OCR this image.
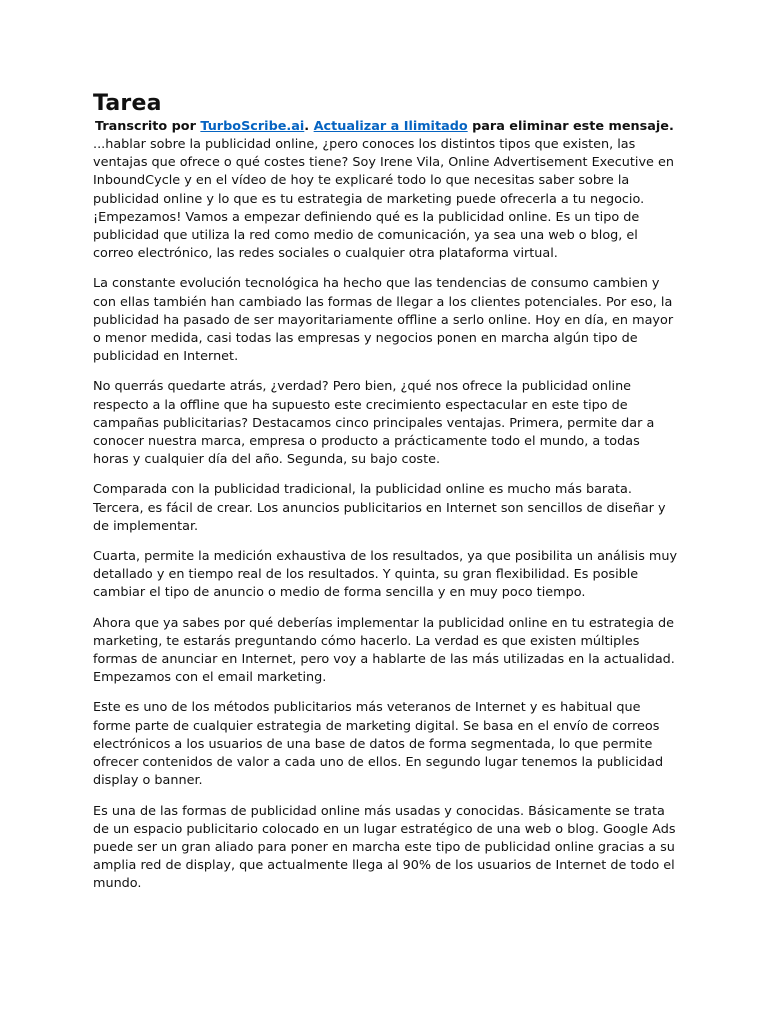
Tarea

Transcrito por TurboScribe.ai. Actualizar a Ilimitado para eliminar este mensaje.

...hablar sobre la publicidad online, ¿pero conoces los distintos tipos que existen, las ventajas que ofrece o qué costes tiene? Soy Irene Vila, Online Advertisement Executive en InboundCycle y en el vídeo de hoy te explicaré todo lo que necesitas saber sobre la publicidad online y lo que es tu estrategia de marketing puede ofrecerla a tu negocio. ¡Empezamos! Vamos a empezar definiendo qué es la publicidad online. Es un tipo de publicidad que utiliza la red como medio de comunicación, ya sea una web o blog, el correo electrónico, las redes sociales o cualquier otra plataforma virtual.

La constante evolución tecnológica ha hecho que las tendencias de consumo cambien y con ellas también han cambiado las formas de llegar a los clientes potenciales. Por eso, la publicidad ha pasado de ser mayoritariamente offline a serlo online. Hoy en día, en mayor o menor medida, casi todas las empresas y negocios ponen en marcha algún tipo de publicidad en Internet.

No querrás quedarte atrás, ¿verdad? Pero bien, ¿qué nos ofrece la publicidad online respecto a la offline que ha supuesto este crecimiento espectacular en este tipo de campañas publicitarias? Destacamos cinco principales ventajas. Primera, permite dar a conocer nuestra marca, empresa o producto a prácticamente todo el mundo, a todas horas y cualquier día del año. Segunda, su bajo coste.

Comparada con la publicidad tradicional, la publicidad online es mucho más barata. Tercera, es fácil de crear. Los anuncios publicitarios en Internet son sencillos de diseñar y de implementar.

Cuarta, permite la medición exhaustiva de los resultados, ya que posibilita un análisis muy detallado y en tiempo real de los resultados. Y quinta, su gran flexibilidad. Es posible cambiar el tipo de anuncio o medio de forma sencilla y en muy poco tiempo.

Ahora que ya sabes por qué deberías implementar la publicidad online en tu estrategia de marketing, te estarás preguntando cómo hacerlo. La verdad es que existen múltiples formas de anunciar en Internet, pero voy a hablarte de las más utilizadas en la actualidad. Empezamos con el email marketing.

Este es uno de los métodos publicitarios más veteranos de Internet y es habitual que forme parte de cualquier estrategia de marketing digital. Se basa en el envío de correos electrónicos a los usuarios de una base de datos de forma segmentada, lo que permite ofrecer contenidos de valor a cada uno de ellos. En segundo lugar tenemos la publicidad display o banner.

Es una de las formas de publicidad online más usadas y conocidas. Básicamente se trata de un espacio publicitario colocado en un lugar estratégico de una web o blog. Google Ads puede ser un gran aliado para poner en marcha este tipo de publicidad online gracias a su amplia red de display, que actualmente llega al 90% de los usuarios de Internet de todo el mundo.
